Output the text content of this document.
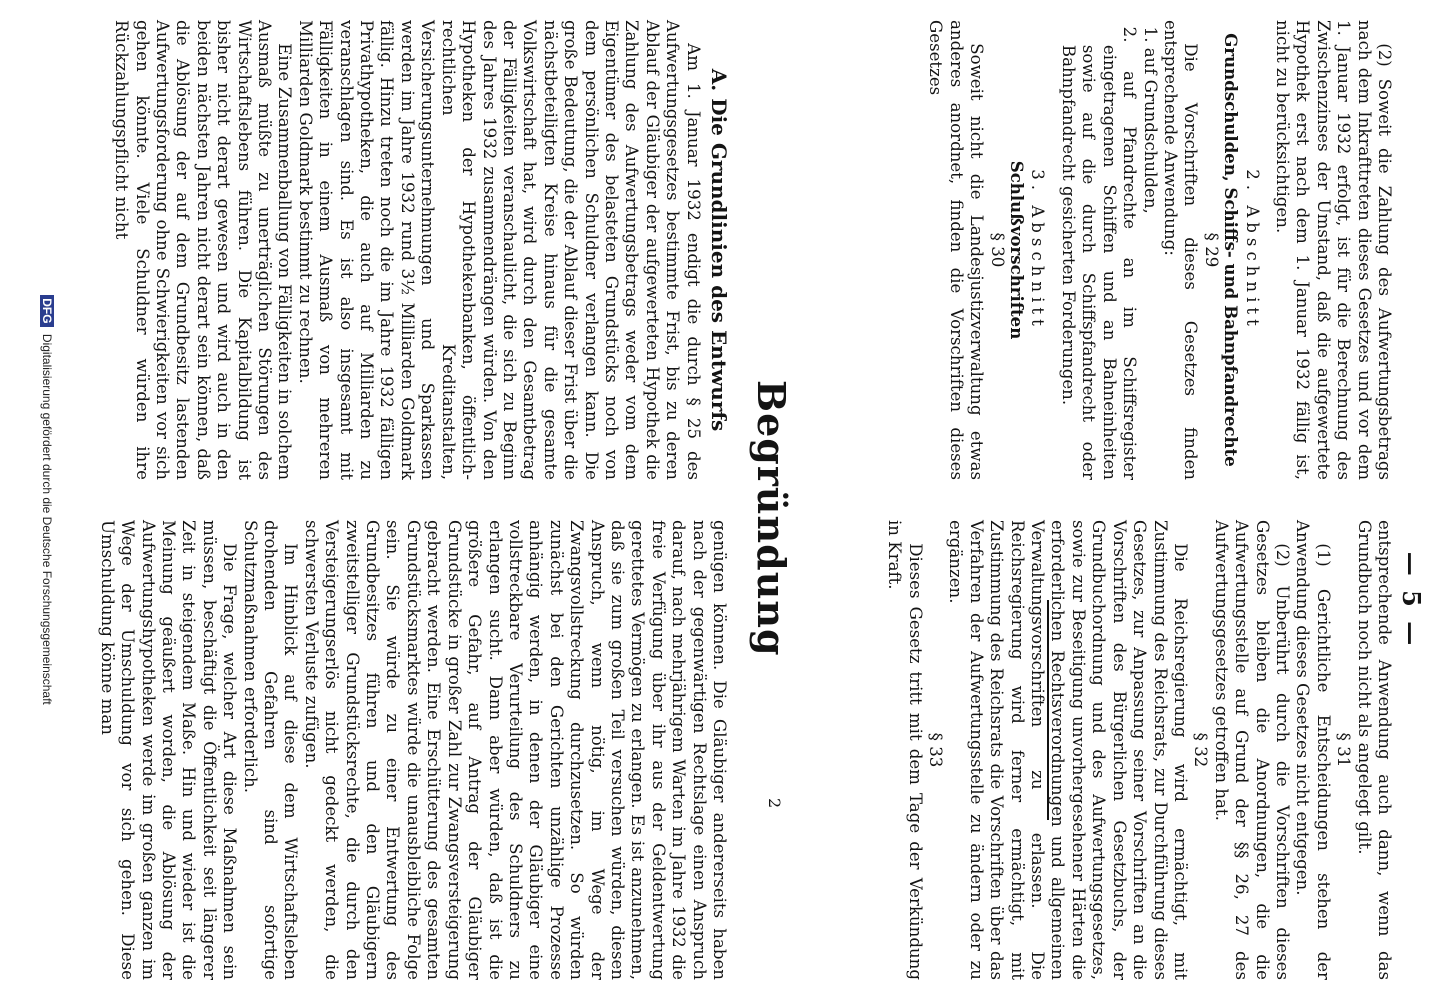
— 5 —

(2) Soweit die Zahlung des Aufwertungsbetrags nach dem Inkrafttreten dieses Gesetzes und vor dem 1. Januar 1932 erfolgt, ist für die Berechnung des Zwischenzinses der Umstand, daß die aufgewertete Hypothek erst nach dem 1. Januar 1932 fällig ist, nicht zu berücksichtigen.

2. Abschnitt

Grundschulden, Schiffs- und Bahnpfandrechte

§ 29

Die Vorschriften dieses Gesetzes finden entsprechende Anwendung:

1. auf Grundschulden,

2. auf Pfandrechte an im Schiffsregister eingetragenen Schiffen und an Bahneinheiten sowie auf die durch Schiffspfandrecht oder Bahnpfandrecht gesicherten Forderungen.

3. Abschnitt

Schlußvorschriften

§ 30

Soweit nicht die Landesjustizverwaltung etwas anderes anordnet, finden die Vorschriften dieses Gesetzes

entsprechende Anwendung auch dann, wenn das Grundbuch noch nicht als angelegt gilt.

§ 31

(1) Gerichtliche Entscheidungen stehen der Anwendung dieses Gesetzes nicht entgegen.

(2) Unberührt durch die Vorschriften dieses Gesetzes bleiben die Anordnungen, die die Aufwertungsstelle auf Grund der §§ 26, 27 des Aufwertungsgesetzes getroffen hat.

§ 32

Die Reichsregierung wird ermächtigt, mit Zustimmung des Reichsrats, zur Durchführung dieses Gesetzes, zur Anpassung seiner Vorschriften an die Vorschriften des Bürgerlichen Gesetzbuchs, der Grundbuchordnung und des Aufwertungsgesetzes, sowie zur Beseitigung unvorhergesehener Härten die erforderlichen Rechtsverordnungen und allgemeinen Verwaltungsvorschriften zu erlassen. Die Reichsregierung wird ferner ermächtigt, mit Zustimmung des Reichsrats die Vorschriften über das Verfahren der Aufwertungsstelle zu ändern oder zu ergänzen.

§ 33

Dieses Gesetz tritt mit dem Tage der Verkündung in Kraft.

Begründung

A. Die Grundlinien des Entwurfs

Am 1. Januar 1932 endigt die durch § 25 des Aufwertungsgesetzes bestimmte Frist, bis zu deren Ablauf der Gläubiger der aufgewerteten Hypothek die Zahlung des Aufwertungsbetrags weder vom dem Eigentümer des belasteten Grundstücks noch von dem persönlichen Schuldner verlangen kann. Die große Bedeutung, die der Ablauf dieser Frist über die nächstbeteiligten Kreise hinaus für die gesamte Volkswirtschaft hat, wird durch den Gesamtbetrag der Fälligkeiten veranschaulicht, die sich zu Beginn des Jahres 1932 zusammendrängen würden. Von den Hypotheken der Hypothekenbanken, öffentlich-rechtlichen Kreditanstalten, Versicherungsunternehmungen und Sparkassen werden im Jahre 1932 rund 3½ Milliarden Goldmark fällig. Hinzu treten noch die im Jahre 1932 fälligen Privathypotheken, die auch auf Milliarden zu veranschlagen sind. Es ist also insgesamt mit Fälligkeiten in einem Ausmaß von mehreren Milliarden Goldmark bestimmt zu rechnen.

Eine Zusammenballung von Fälligkeiten in solchem Ausmaß müßte zu unerträglichen Störungen des Wirtschaftslebens führen. Die Kapitalbildung ist bisher nicht derart gewesen und wird auch in den beiden nächsten Jahren nicht derart sein können, daß die Ablösung der auf dem Grundbesitz lastenden Aufwertungsforderung ohne Schwierigkeiten vor sich gehen könnte. Viele Schuldner würden ihre Rückzahlungspflicht nicht

genügen können. Die Gläubiger andererseits haben nach der gegenwärtigen Rechtslage einen Anspruch darauf, nach mehrjährigem Warten im Jahre 1932 die freie Verfügung über ihr aus der Geldentwertung gerettetes Vermögen zu erlangen. Es ist anzunehmen, daß sie zum großen Teil versuchen würden, diesen Anspruch, wenn nötig, im Wege der Zwangsvollstreckung durchzusetzen. So würden zunächst bei den Gerichten unzählige Prozesse anhängig werden, in denen der Gläubiger eine vollstreckbare Verurteilung des Schuldners zu erlangen sucht. Dann aber würden, daß ist die größere Gefahr, auf Antrag der Gläubiger Grundstücke in großer Zahl zur Zwangsversteigerung gebracht werden. Eine Erschütterung des gesamten Grundstücksmarktes würde die unausbleibliche Folge sein. Sie würde zu einer Entwertung des Grundbesitzes führen und den Gläubigern zweitstelliger Grundstücksrechte, die durch den Versteigerungserlös nicht gedeckt werden, die schwersten Verluste zufügen.

Im Hinblick auf diese dem Wirtschaftsleben drohenden Gefahren sind sofortige Schutzmaßnahmen erforderlich.

Die Frage, welcher Art diese Maßnahmen sein müssen, beschäftigt die Öffentlichkeit seit längerer Zeit in steigendem Maße. Hin und wieder ist die Meinung geäußert worden, die Ablösung der Aufwertungshypotheken werde im großen ganzen im Wege der Umschuldung vor sich gehen. Diese Umschuldung könne man

2
DFG Digitalisierung gefördert durch die Deutsche Forschungsgemeinschaft
